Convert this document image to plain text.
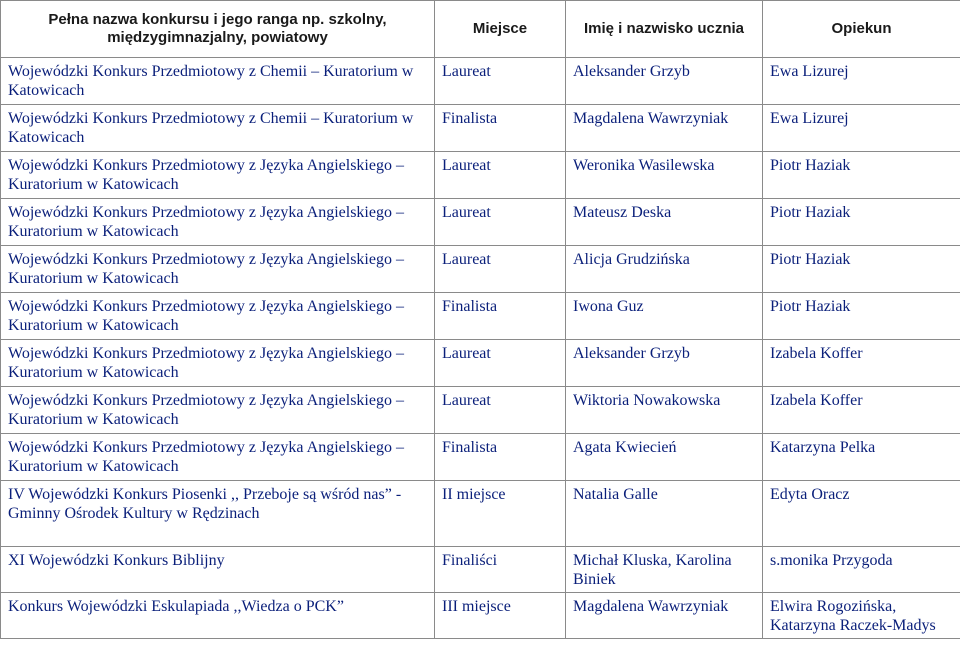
Pełna nazwa konkursu i jego ranga np. szkolny, międzygimnazjalny, powiatowy	Miejsce	Imię i nazwisko ucznia	Opiekun
Wojewódzki Konkurs Przedmiotowy z Chemii – Kuratorium w Katowicach	Laureat	Aleksander Grzyb	Ewa Lizurej
Wojewódzki Konkurs Przedmiotowy z Chemii – Kuratorium w Katowicach	Finalista	Magdalena Wawrzyniak	Ewa Lizurej
Wojewódzki Konkurs Przedmiotowy z Języka Angielskiego – Kuratorium w Katowicach	Laureat	Weronika Wasilewska	Piotr Haziak
Wojewódzki Konkurs Przedmiotowy z Języka Angielskiego – Kuratorium w Katowicach	Laureat	Mateusz Deska	Piotr Haziak
Wojewódzki Konkurs Przedmiotowy z Języka Angielskiego – Kuratorium w Katowicach	Laureat	Alicja Grudzińska	Piotr Haziak
Wojewódzki Konkurs Przedmiotowy z Języka Angielskiego – Kuratorium w Katowicach	Finalista	Iwona Guz	Piotr Haziak
Wojewódzki Konkurs Przedmiotowy z Języka Angielskiego – Kuratorium w Katowicach	Laureat	Aleksander Grzyb	Izabela Koffer
Wojewódzki Konkurs Przedmiotowy z Języka Angielskiego – Kuratorium w Katowicach	Laureat	Wiktoria Nowakowska	Izabela Koffer
Wojewódzki Konkurs Przedmiotowy z Języka Angielskiego – Kuratorium w Katowicach	Finalista	Agata Kwiecień	Katarzyna Pelka
IV Wojewódzki Konkurs Piosenki ,, Przeboje są wśród nas” - Gminny Ośrodek Kultury w Rędzinach	II miejsce	Natalia Galle	Edyta Oracz
XI Wojewódzki Konkurs Biblijny	Finaliści	Michał Kluska, Karolina Biniek	s.monika Przygoda
Konkurs Wojewódzki Eskulapiada ,,Wiedza o PCK”	III miejsce	Magdalena Wawrzyniak	Elwira Rogozińska, Katarzyna Raczek-Madys
